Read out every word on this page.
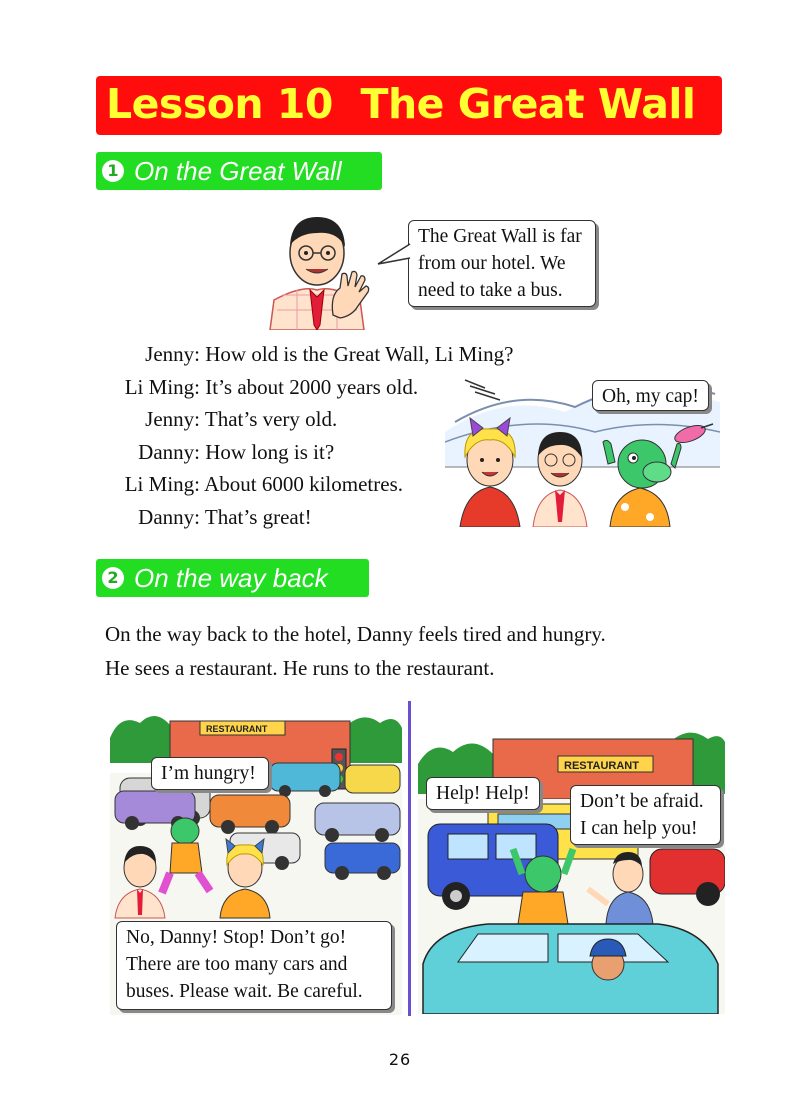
Lesson 10  The Great Wall
1 On the Great Wall
The Great Wall is far
from our hotel. We
need to take a bus.
Jenny: How old is the Great Wall, Li Ming?
Li Ming: It’s about 2000 years old.
Jenny: That’s very old.
Danny: How long is it?
Li Ming: About 6000 kilometres.
Danny: That’s great!
Oh, my cap!
2 On the way back
On the way back to the hotel, Danny feels tired and hungry.
He sees a restaurant. He runs to the restaurant.
RESTAURANT
I’m hungry!
No, Danny! Stop! Don’t go!
There are too many cars and
buses. Please wait. Be careful.
RESTAURANT
Help! Help!	Don’t be afraid.
I can help you!
26
